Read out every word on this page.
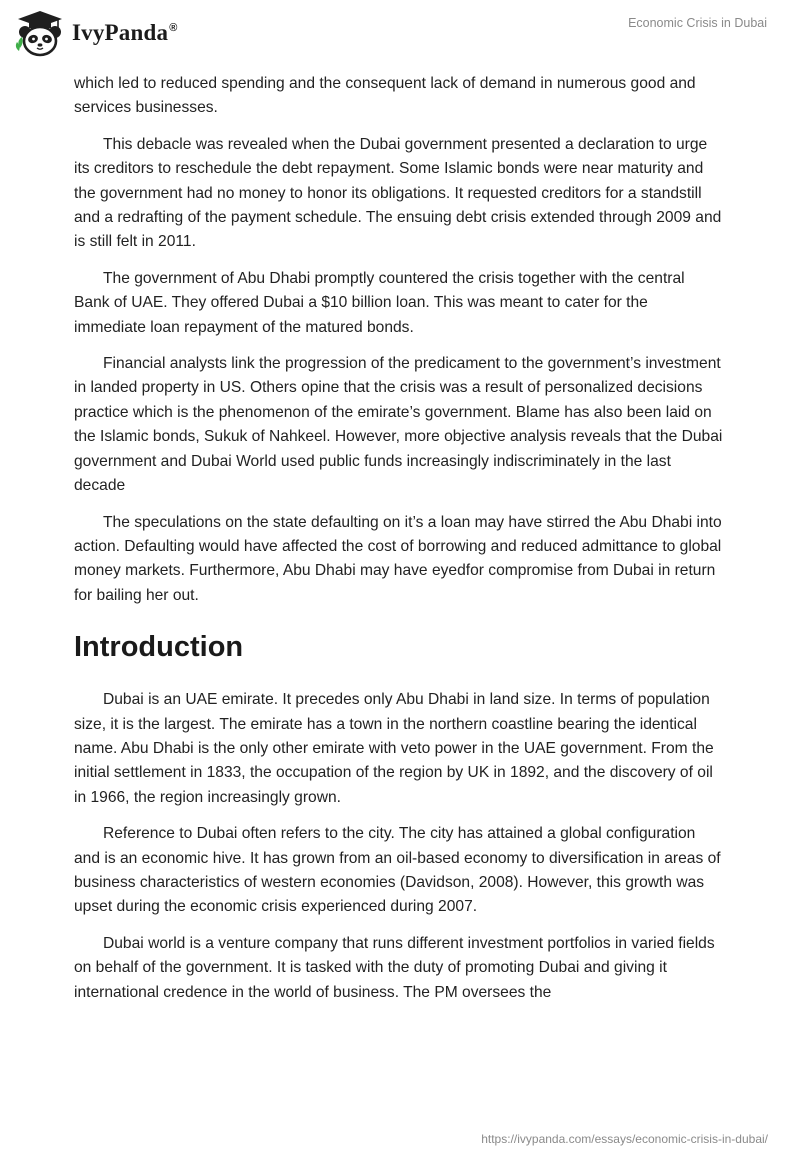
IvyPanda®	Economic Crisis in Dubai

which led to reduced spending and the consequent lack of demand in numerous good and services businesses.

This debacle was revealed when the Dubai government presented a declaration to urge its creditors to reschedule the debt repayment. Some Islamic bonds were near maturity and the government had no money to honor its obligations. It requested creditors for a standstill and a redrafting of the payment schedule. The ensuing debt crisis extended through 2009 and is still felt in 2011.

The government of Abu Dhabi promptly countered the crisis together with the central Bank of UAE. They offered Dubai a $10 billion loan. This was meant to cater for the immediate loan repayment of the matured bonds.

Financial analysts link the progression of the predicament to the government’s investment in landed property in US. Others opine that the crisis was a result of personalized decisions practice which is the phenomenon of the emirate’s government. Blame has also been laid on the Islamic bonds, Sukuk of Nahkeel. However, more objective analysis reveals that the Dubai government and Dubai World used public funds increasingly indiscriminately in the last decade

The speculations on the state defaulting on it’s a loan may have stirred the Abu Dhabi into action. Defaulting would have affected the cost of borrowing and reduced admittance to global money markets. Furthermore, Abu Dhabi may have eyedfor compromise from Dubai in return for bailing her out.

Introduction

Dubai is an UAE emirate. It precedes only Abu Dhabi in land size. In terms of population size, it is the largest. The emirate has a town in the northern coastline bearing the identical name. Abu Dhabi is the only other emirate with veto power in the UAE government. From the initial settlement in 1833, the occupation of the region by UK in 1892, and the discovery of oil in 1966, the region increasingly grown.

Reference to Dubai often refers to the city. The city has attained a global configuration and is an economic hive. It has grown from an oil-based economy to diversification in areas of business characteristics of western economies (Davidson, 2008). However, this growth was upset during the economic crisis experienced during 2007.

Dubai world is a venture company that runs different investment portfolios in varied fields on behalf of the government. It is tasked with the duty of promoting Dubai and giving it international credence in the world of business. The PM oversees the

https://ivypanda.com/essays/economic-crisis-in-dubai/
